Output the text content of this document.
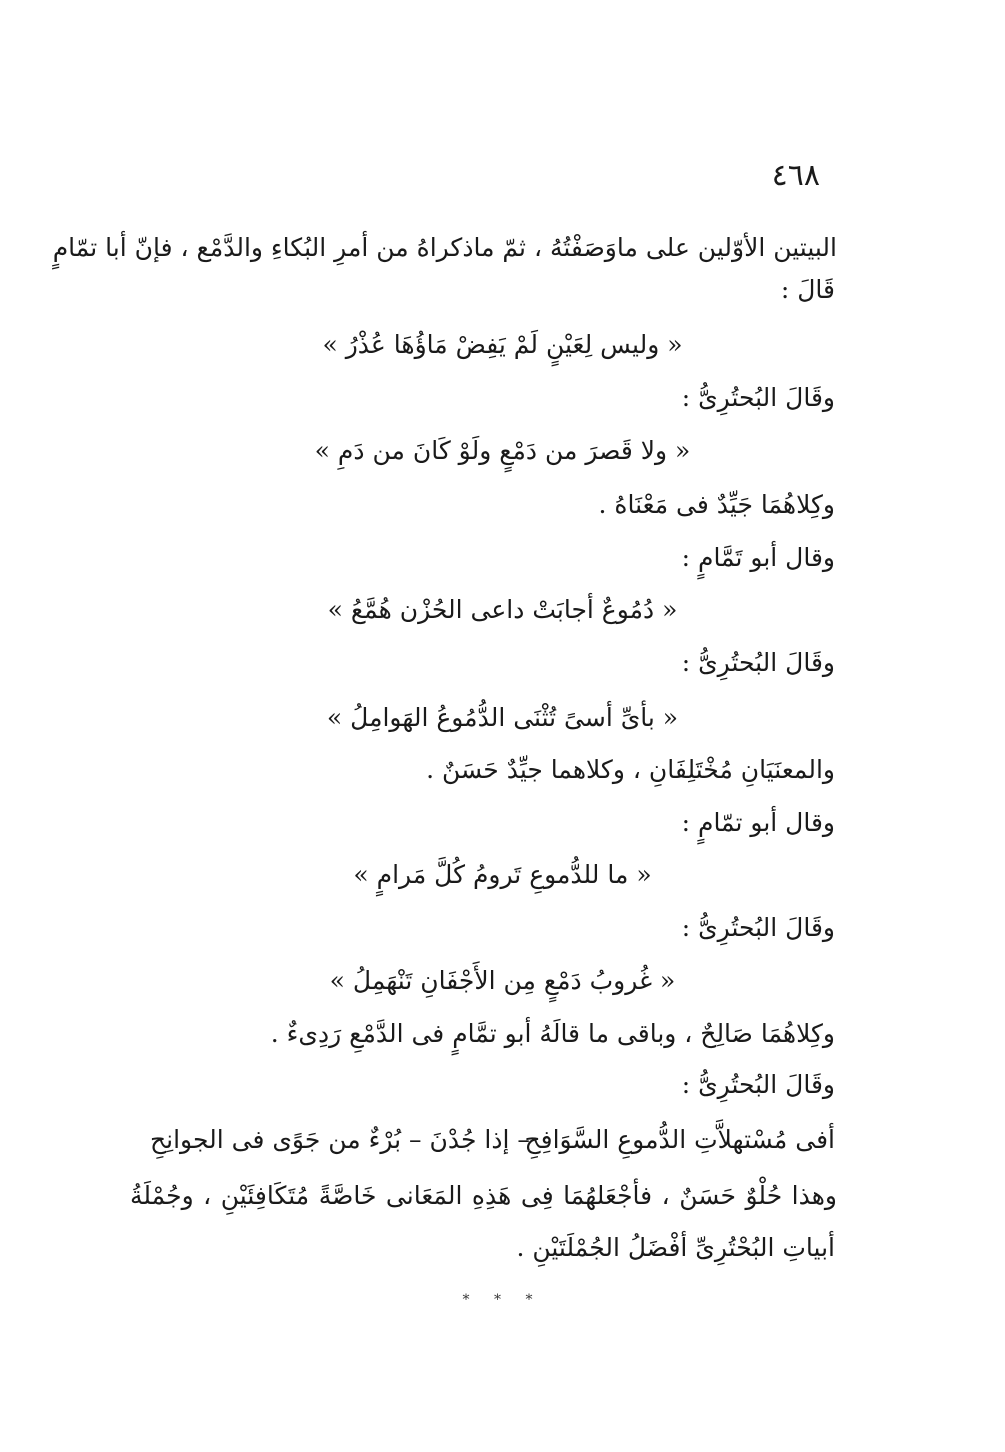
٤٦٨
البيتين الأوّلين على ماوَصَفْتُهُ ، ثمّ ماذكراهُ من أمرِ البُكاءِ والدَّمْع ، فإنّ أبا تمّامٍ
قَالَ :
« وليس لِعَيْنٍ لَمْ يَفِضْ مَاؤُهَا عُذْرُ »
وقَالَ البُحتُرِىُّ :
« ولا قَصرَ من دَمْعٍ ولَوْ كَانَ من دَمِ »
وكِلاهُمَا جَيِّدٌ فى مَعْنَاهُ .
وقال أبو تَمَّامٍ :
« دُمُوعٌ أجابَتْ داعى الحُزْن هُمَّعُ »
وقَالَ البُحتُرِىُّ :
« بأىِّ أسىً تُثْنَى الدُّمُوعُ الهَوامِلُ »
والمعنَيَانِ مُخْتَلِفَانِ ، وكلاهما جيِّدٌ حَسَنٌ .
وقال أبو تمّامٍ :
« ما للدُّموعِ تَرومُ كُلَّ مَرامٍ »
وقَالَ البُحتُرِىُّ :
« غُروبُ دَمْعٍ مِن الأَجْفَانِ تَنْهَمِلُ »
وكِلاهُمَا صَالِحٌ ، وباقى ما قالَهُ أبو تمَّامٍ فى الدَّمْعِ رَدِىءٌ .
وقَالَ البُحتُرِىُّ :
أفى مُسْتهلاَّتِ الدُّموعِ السَّوَافِحِ
– إذا جُدْنَ – بُرْءٌ من جَوًى فى الجوانِحِ
وهذا حُلْوٌ حَسَنٌ ، فأجْعَلهُمَا فِى هَذِهِ المَعَانى خَاصَّةً مُتَكَافِئَيْنِ ، وجُمْلَةُ
أبياتِ البُحْتُرِىِّ أفْضَلُ الجُمْلَتَيْنِ .
* * *
